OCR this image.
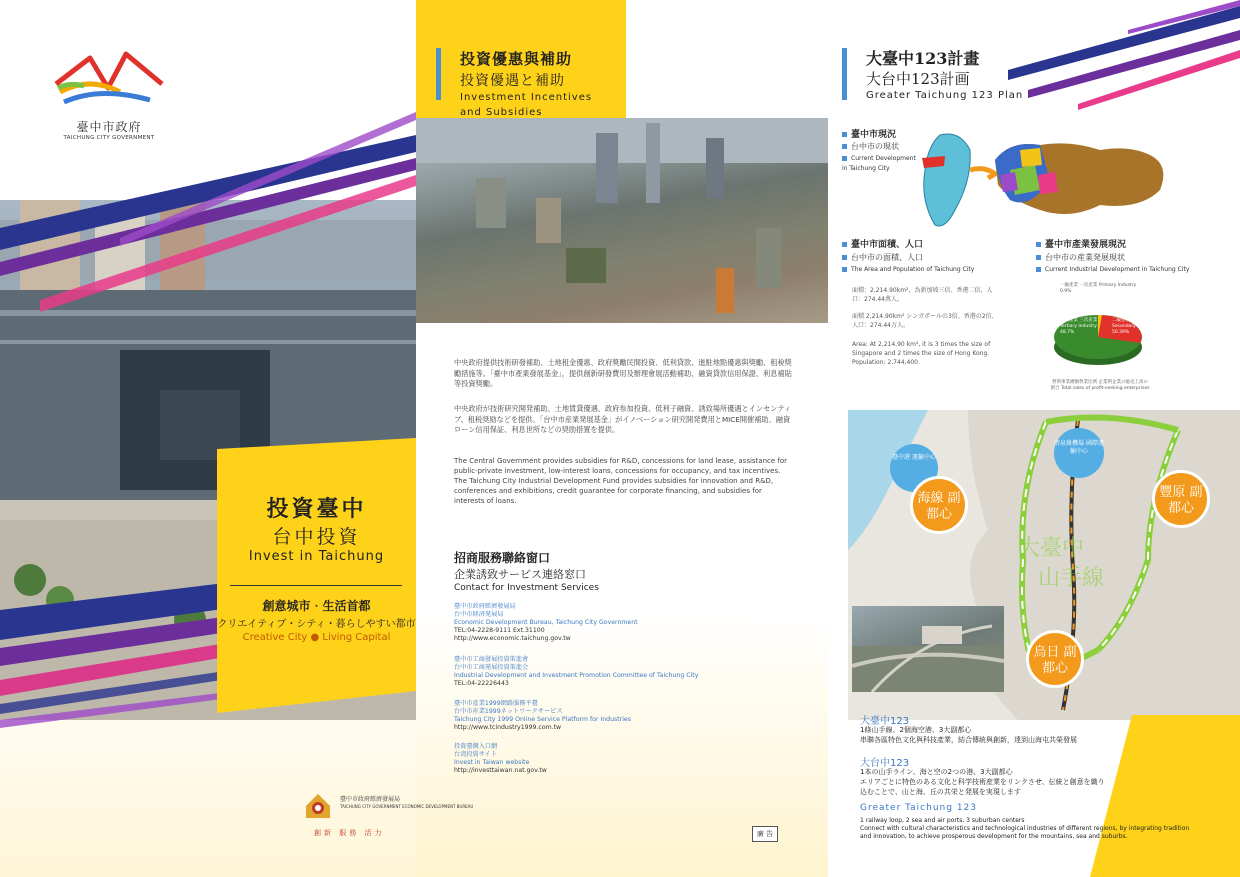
臺中市政府
TAICHUNG CITY GOVERNMENT
投資臺中
台中投資
Invest in Taichung
創意城市‧生活首都
クリエイティブ・シティ・暮らしやすい都市
Creative City ● Living Capital
投資優惠與補助
投資優遇と補助
Investment Incentives
and Subsidies
中央政府提供技術研發補助、土地租金優惠、政府獎勵民間投資、低利貸款、進駐地點優惠與獎勵、租稅獎勵措施等。「臺中市產業發展基金」，提供創新研發費用及辦理會展活動補助、融資貸款信用保證、利息補貼等投資獎勵。
中央政府が技術研究開発補助、土地賃貸優遇、政府参加投資、低利子融資、誘致場所優遇とインセンティブ、租税奨励などを提供。「台中市産業発展基金」がイノベーション研究開発費用とMICE開催補助、融資ローン信用保証、利息世所などの奨励措置を提供。
The Central Government provides subsidies for R&D, concessions for land lease, assistance for public-private investment, low-interest loans, concessions for occupancy, and tax incentives. The Taichung City Industrial Development Fund provides subsidies for innovation and R&D, conferences and exhibitions, credit guarantee for corporate financing, and subsidies for interests of loans.
招商服務聯絡窗口
企業誘致サービス連絡窓口
Contact for Investment Services
臺中市政府經濟發展局
台中市経済発展局
Economic Development Bureau, Taichung City Government
TEL:04-2228-9111 Ext.31100
http://www.economic.taichung.gov.tw
臺中市工商發展投資策進會
台中市工商発展投資策進会
Industrial Development and Investment Promotion Committee of Taichung City
TEL:04-22226443
臺中市產業1999網路服務平臺
台中市産業1999ネットワークサービス
Taichung City 1999 Online Service Platform for Industries
http://www.tcindustry1999.com.tw
投資臺灣入口網
台湾投資サイト
Invest in Taiwan website
http://investtaiwan.nat.gov.tw
臺中市政府經濟發展局
TAICHUNG CITY GOVERNMENT ECONOMIC DEVELOPMENT BUREAU
創新 服務 活力	廣 告
大臺中123計畫
大台中123計画
Greater Taichung 123 Plan
臺中市現況
台中市の現状
Current Development in Taichung City
臺中市面積、人口
台中市の面積、人口
The Area and Population of Taichung City
面積：2,214.90km²，為新加坡三倍、香港二倍，人口：274.44萬人。
面積 2,214.90km² シンガポールの3倍、香港の2倍、人口：274.44万人。
Area: At 2,214.90 km², it is 3 times the size of Singapore and 2 times the size of Hong Kong. Population: 2,744,400.
臺中市產業發展現況
台中市の産業発展現状
Current Industrial Development in Taichung City
一級產業 一次産業 Primary Industry 0.9%
二級產業 二次産業 Secondary Industry 50.39%
三級產業 三次産業 Tertiary Industry 48.7%
營利事業總額營業比例 企業利企業の総売上高の割合 Total sales of profit-seeking enterprises
大臺中
山手線
臺中港 運輸中心
清泉崗機場 國際運輸中心
海線 副都心
豐原 副都心
烏日 副都心
大臺中123
1條山手線、2個海空港、3大副都心
串聯各區特色文化與科技產業，結合傳統與創新，達到山海屯共榮發展
大台中123
1本の山手ライン、海と空の2つの港、3大副都心
エリアごとに特色のある文化と科学技術産業をリンクさせ、伝統と創意を織り
込むことで、山と海、丘の共栄と発展を実現します
Greater Taichung 123
1 railway loop, 2 sea and air ports, 3 suburban centers
Connect with cultural characteristics and technological industries of different regions, by integrating tradition and innovation, to achieve prosperous development for the mountains, sea and suburbs.
